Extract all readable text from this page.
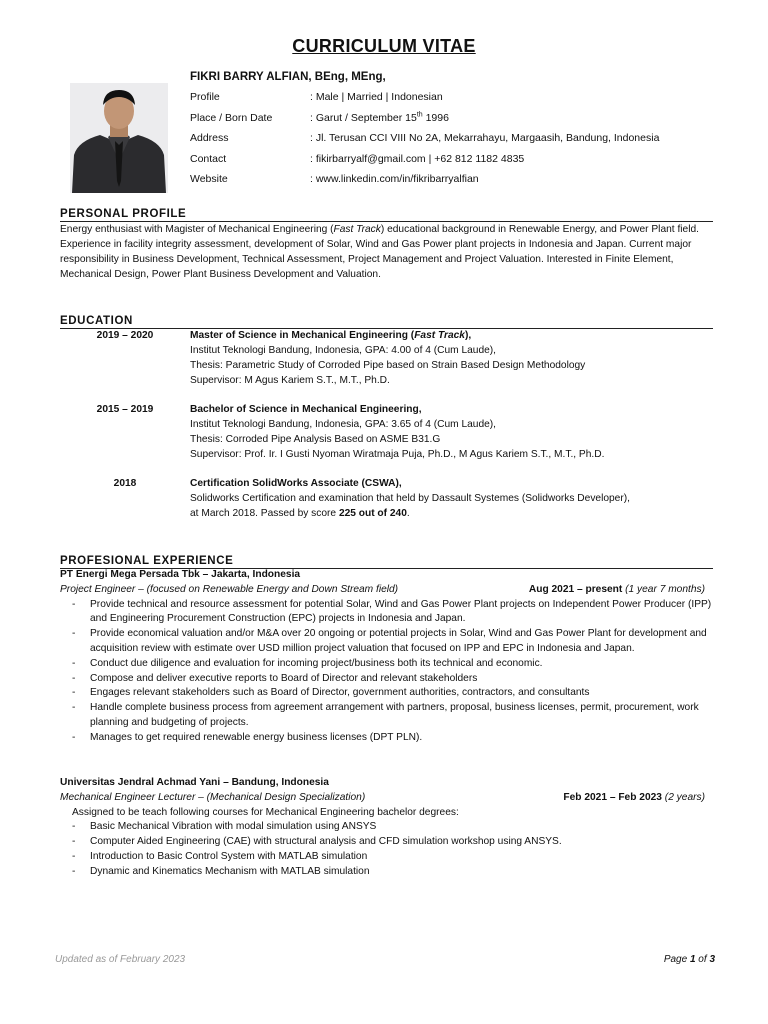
CURRICULUM VITAE
FIKRI BARRY ALFIAN, BEng, MEng,
Profile	: Male | Married | Indonesian
Place / Born Date	: Garut / September 15th 1996
Address	: Jl. Terusan CCI VIII No 2A, Mekarrahayu, Margaasih, Bandung, Indonesia
Contact	: fikirbarryalf@gmail.com | +62 812 1182 4835
Website	: www.linkedin.com/in/fikribarryalfian
PERSONAL PROFILE
Energy enthusiast with Magister of Mechanical Engineering (Fast Track) educational background in Renewable Energy, and Power Plant field. Experience in facility integrity assessment, development of Solar, Wind and Gas Power plant projects in Indonesia and Japan. Current major responsibility in Business Development, Technical Assessment, Project Management and Project Valuation. Interested in Finite Element, Mechanical Design, Power Plant Business Development and Valuation.
EDUCATION
2019 – 2020	Master of Science in Mechanical Engineering (Fast Track),
Institut Teknologi Bandung, Indonesia, GPA: 4.00 of 4 (Cum Laude),
Thesis: Parametric Study of Corroded Pipe based on Strain Based Design Methodology
Supervisor: M Agus Kariem S.T., M.T., Ph.D.
2015 – 2019	Bachelor of Science in Mechanical Engineering,
Institut Teknologi Bandung, Indonesia, GPA: 3.65 of 4 (Cum Laude),
Thesis: Corroded Pipe Analysis Based on ASME B31.G
Supervisor: Prof. Ir. I Gusti Nyoman Wiratmaja Puja, Ph.D., M Agus Kariem S.T., M.T., Ph.D.
2018	Certification SolidWorks Associate (CSWA),
Solidworks Certification and examination that held by Dassault Systemes (Solidworks Developer),
at March 2018. Passed by score 225 out of 240.
PROFESIONAL EXPERIENCE
PT Energi Mega Persada Tbk – Jakarta, Indonesia
Project Engineer – (focused on Renewable Energy and Down Stream field)	Aug 2021 – present (1 year 7 months)
- Provide technical and resource assessment for potential Solar, Wind and Gas Power Plant projects on Independent Power Producer (IPP) and Engineering Procurement Construction (EPC) projects in Indonesia and Japan.
- Provide economical valuation and/or M&A over 20 ongoing or potential projects in Solar, Wind and Gas Power Plant for development and acquisition review with estimate over USD million project valuation that focused on IPP and EPC in Indonesia and Japan.
- Conduct due diligence and evaluation for incoming project/business both its technical and economic.
- Compose and deliver executive reports to Board of Director and relevant stakeholders
- Engages relevant stakeholders such as Board of Director, government authorities, contractors, and consultants
- Handle complete business process from agreement arrangement with partners, proposal, business licenses, permit, procurement, work planning and budgeting of projects.
- Manages to get required renewable energy business licenses (DPT PLN).
Universitas Jendral Achmad Yani – Bandung, Indonesia
Mechanical Engineer Lecturer – (Mechanical Design Specialization)	Feb 2021 – Feb 2023 (2 years)
Assigned to be teach following courses for Mechanical Engineering bachelor degrees:
- Basic Mechanical Vibration with modal simulation using ANSYS
- Computer Aided Engineering (CAE) with structural analysis and CFD simulation workshop using ANSYS.
- Introduction to Basic Control System with MATLAB simulation
- Dynamic and Kinematics Mechanism with MATLAB simulation
Updated as of February 2023	Page 1 of 3
